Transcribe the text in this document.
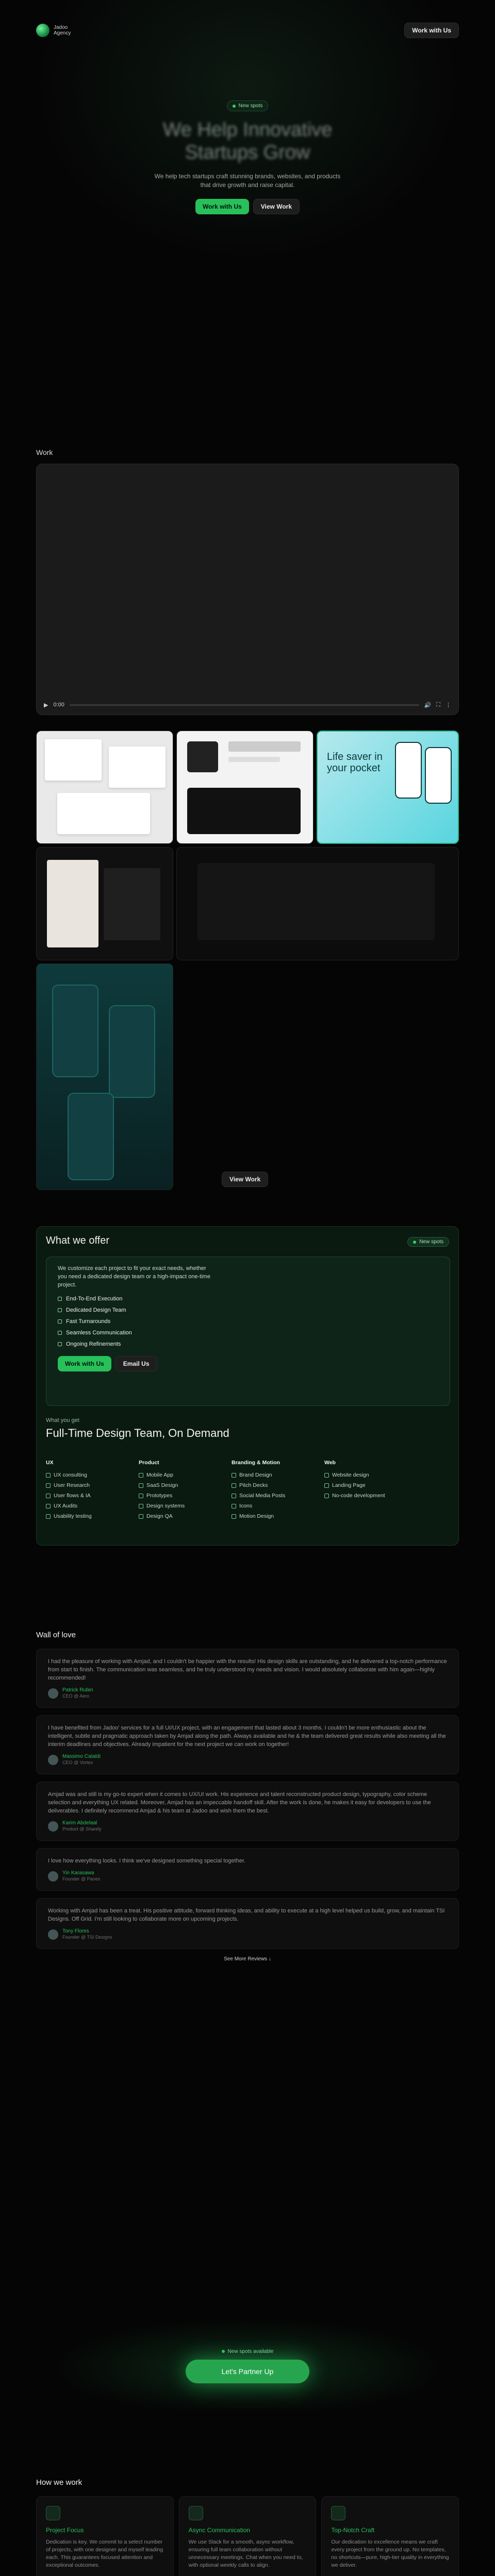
Jadoo
Agency	Work with Us
New spots
We Help Innovative Startups Grow
We help tech startups craft stunning brands, websites, and products that drive growth and raise capital.
Work with Us	View Work
Work
▶ 0:00	🔊 ⛶ ⋮
Life saver in your pocket
View Work
What we offer	New spots
We customize each project to fit your exact needs, whether you need a dedicated design team or a high-impact one-time project.
End-To-End Execution
Dedicated Design Team
Fast Turnarounds
Seamless Communication
Ongoing Refinements
Work with Us	Email Us
What you get
Full-Time Design Team, On Demand
UX
UX consulting
User Research
User flows & IA
UX Audits
Usability testing
Product
Mobile App
SaaS Design
Prototypes
Design systems
Design QA
Branding & Motion
Brand Design
Pitch Decks
Social Media Posts
Icons
Motion Design
Web
Website design
Landing Page
No-code development
Wall of love
I had the pleasure of working with Amjad, and I couldn't be happier with the results! His design skills are outstanding, and he delivered a top-notch performance from start to finish. The communication was seamless, and he truly understood my needs and vision. I would absolutely collaborate with him again—highly recommended!
Patrick Rubin
CEO @ Aero
I have benefited from Jadoo' services for a full UI/UX project, with an engagement that lasted about 3 months. I couldn't be more enthusiastic about the intelligent, subtle and pragmatic approach taken by Amjad along the path. Always available and he & the team delivered great results while also meeting all the interim deadlines and objectives. Already impatient for the next project we can work on together!
Massimo Cataldi
CEO @ Vortex
Amjad was and still is my go-to expert when it comes to UX/UI work. His experience and talent reconstructed product design, typography, color scheme selection and everything UX related. Moreover, Amjad has an impeccable handoff skill. After the work is done, he makes it easy for developers to use the deliverables. I definitely recommend Amjad & his team at Jadoo and wish them the best.
Karim Abdelaal
Product @ Sharely
I love how everything looks. I think we've designed something special together.
Yin Karasawa
Founder @ Panes
Working with Amjad has been a treat. His positive attitude, forward thinking ideas, and ability to execute at a high level helped us build, grow, and maintain TSI Designs. Off Grid. I'm still looking to collaborate more on upcoming projects.
Tony Flores
Founder @ TSI Designs
See More Reviews ↓
New spots available

Let's Partner Up
How we work
Project Focus
Dedication is key. We commit to a select number of projects, with one designer and myself leading each. This guarantees focused attention and exceptional outcomes.
Async Communication
We use Slack for a smooth, async workflow, ensuring full team collaboration without unnecessary meetings. Chat when you need to, with optional weekly calls to align.
Top-Notch Craft
Our dedication to excellence means we craft every project from the ground up. No templates, no shortcuts—pure, high-tier quality in everything we deliver.
